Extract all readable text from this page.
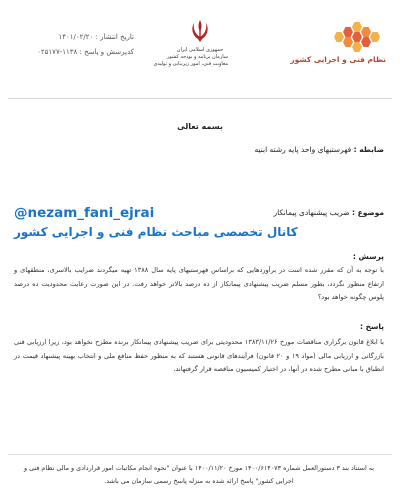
نظام فنی و اجرایی کشور
جمهوری اسلامی ایران
سازمان برنامه و بودجه کشور
معاونت فنی، امور زیربنایی و تولیدی
تاریخ انتشار : ۱۴۰۱/۰۲/۲۰
کدپرسش و پاسخ : ۱۱۳۸-۰۲۵۱۷۷
بسمه تعالی
ضابطه : فهرستبهای واحد پایه رشته ابنیه
موضوع : ضریب پیشنهادی پیمانکار
@nezam_fani_ejrai
کانال تخصصی مباحث نظام فنی و اجرایی کشور
پرسش :
با توجه به آن که مقرر شده است در برآوردهایی که براساس فهرستبهای پایه سال ۱۳۸۸ تهیه میگردند ضرایب بالاسری، منطقهای و ارتفاع منظور نگردد، بطور مسلم ضریب پیشنهادی پیمانکار از ده درصد بالاتر خواهد رفت. در این صورت رعایت محدودیت ده درصد پلوس چگونه خواهد بود؟
پاسخ :
با ابلاغ قانون برگزاری مناقصات مورخ ۱۳۸۳/۱۱/۲۶ محدودیتی برای ضریب پیشنهادی پیمانکار برنده مطرح نخواهد بود، زیرا ارزیابی فنی بازرگانی و ارزیابی مالی (مواد ۱۹ و ۲۰ قانون) فرآیندهای قانونی هستند که به منظور حفظ منافع ملی و انتخاب بهینه پیشنهاد قیمت در انطباق با مبانی مطرح شده در آنها، در اختیار کمیسیون مناقصه قرار گرفتهاند.
به استناد بند ۳ دستورالعمل شماره ۱۴۰۰/۶۱۴۰۷۳ مورخ ۱۴۰۰/۱۱/۲۰ با عنوان "نحوه انجام مکاتبات امور قراردادی و مالی نظام فنی و اجرایی کشور" پاسخ ارائه شده به منزله پاسخ رسمی سازمان می باشد.
